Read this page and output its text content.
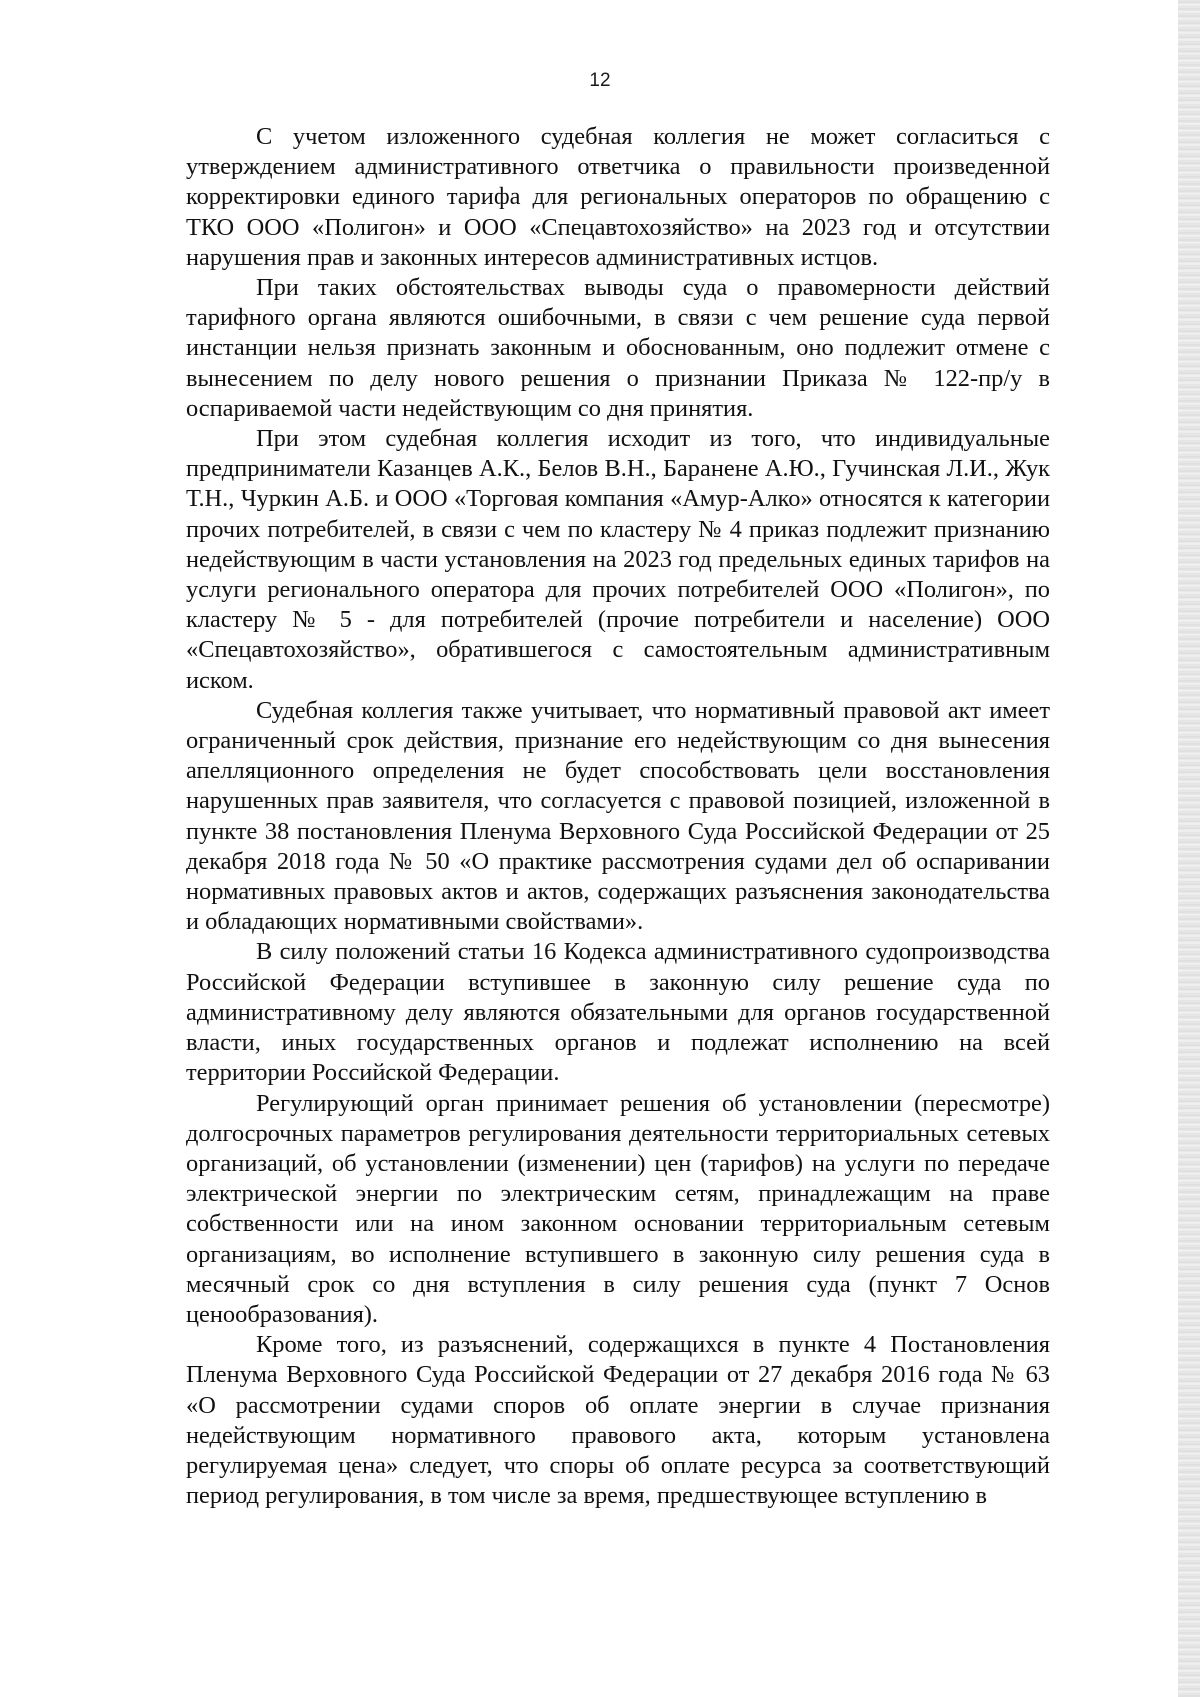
12

С учетом изложенного судебная коллегия не может согласиться с утверждением административного ответчика о правильности произведенной корректировки единого тарифа для региональных операторов по обращению с ТКО ООО «Полигон» и ООО «Спецавтохозяйство» на 2023 год и отсутствии нарушения прав и законных интересов административных истцов.

При таких обстоятельствах выводы суда о правомерности действий тарифного органа являются ошибочными, в связи с чем решение суда первой инстанции нельзя признать законным и обоснованным, оно подлежит отмене с вынесением по делу нового решения о признании Приказа № 122-пр/у в оспариваемой части недействующим со дня принятия.

При этом судебная коллегия исходит из того, что индивидуальные предприниматели Казанцев А.К., Белов В.Н., Баранене А.Ю., Гучинская Л.И., Жук Т.Н., Чуркин А.Б. и ООО «Торговая компания «Амур-Алко» относятся к категории прочих потребителей, в связи с чем по кластеру № 4 приказ подлежит признанию недействующим в части установления на 2023 год предельных единых тарифов на услуги регионального оператора для прочих потребителей ООО «Полигон», по кластеру № 5 - для потребителей (прочие потребители и население) ООО «Спецавтохозяйство», обратившегося с самостоятельным административным иском.

Судебная коллегия также учитывает, что нормативный правовой акт имеет ограниченный срок действия, признание его недействующим со дня вынесения апелляционного определения не будет способствовать цели восстановления нарушенных прав заявителя, что согласуется с правовой позицией, изложенной в пункте 38 постановления Пленума Верховного Суда Российской Федерации от 25 декабря 2018 года № 50 «О практике рассмотрения судами дел об оспаривании нормативных правовых актов и актов, содержащих разъяснения законодательства и обладающих нормативными свойствами».

В силу положений статьи 16 Кодекса административного судопроизводства Российской Федерации вступившее в законную силу решение суда по административному делу являются обязательными для органов государственной власти, иных государственных органов и подлежат исполнению на всей территории Российской Федерации.

Регулирующий орган принимает решения об установлении (пересмотре) долгосрочных параметров регулирования деятельности территориальных сетевых организаций, об установлении (изменении) цен (тарифов) на услуги по передаче электрической энергии по электрическим сетям, принадлежащим на праве собственности или на ином законном основании территориальным сетевым организациям, во исполнение вступившего в законную силу решения суда в месячный срок со дня вступления в силу решения суда (пункт 7 Основ ценообразования).

Кроме того, из разъяснений, содержащихся в пункте 4 Постановления Пленума Верховного Суда Российской Федерации от 27 декабря 2016 года № 63 «О рассмотрении судами споров об оплате энергии в случае признания недействующим нормативного правового акта, которым установлена регулируемая цена» следует, что споры об оплате ресурса за соответствующий период регулирования, в том числе за время, предшествующее вступлению в
